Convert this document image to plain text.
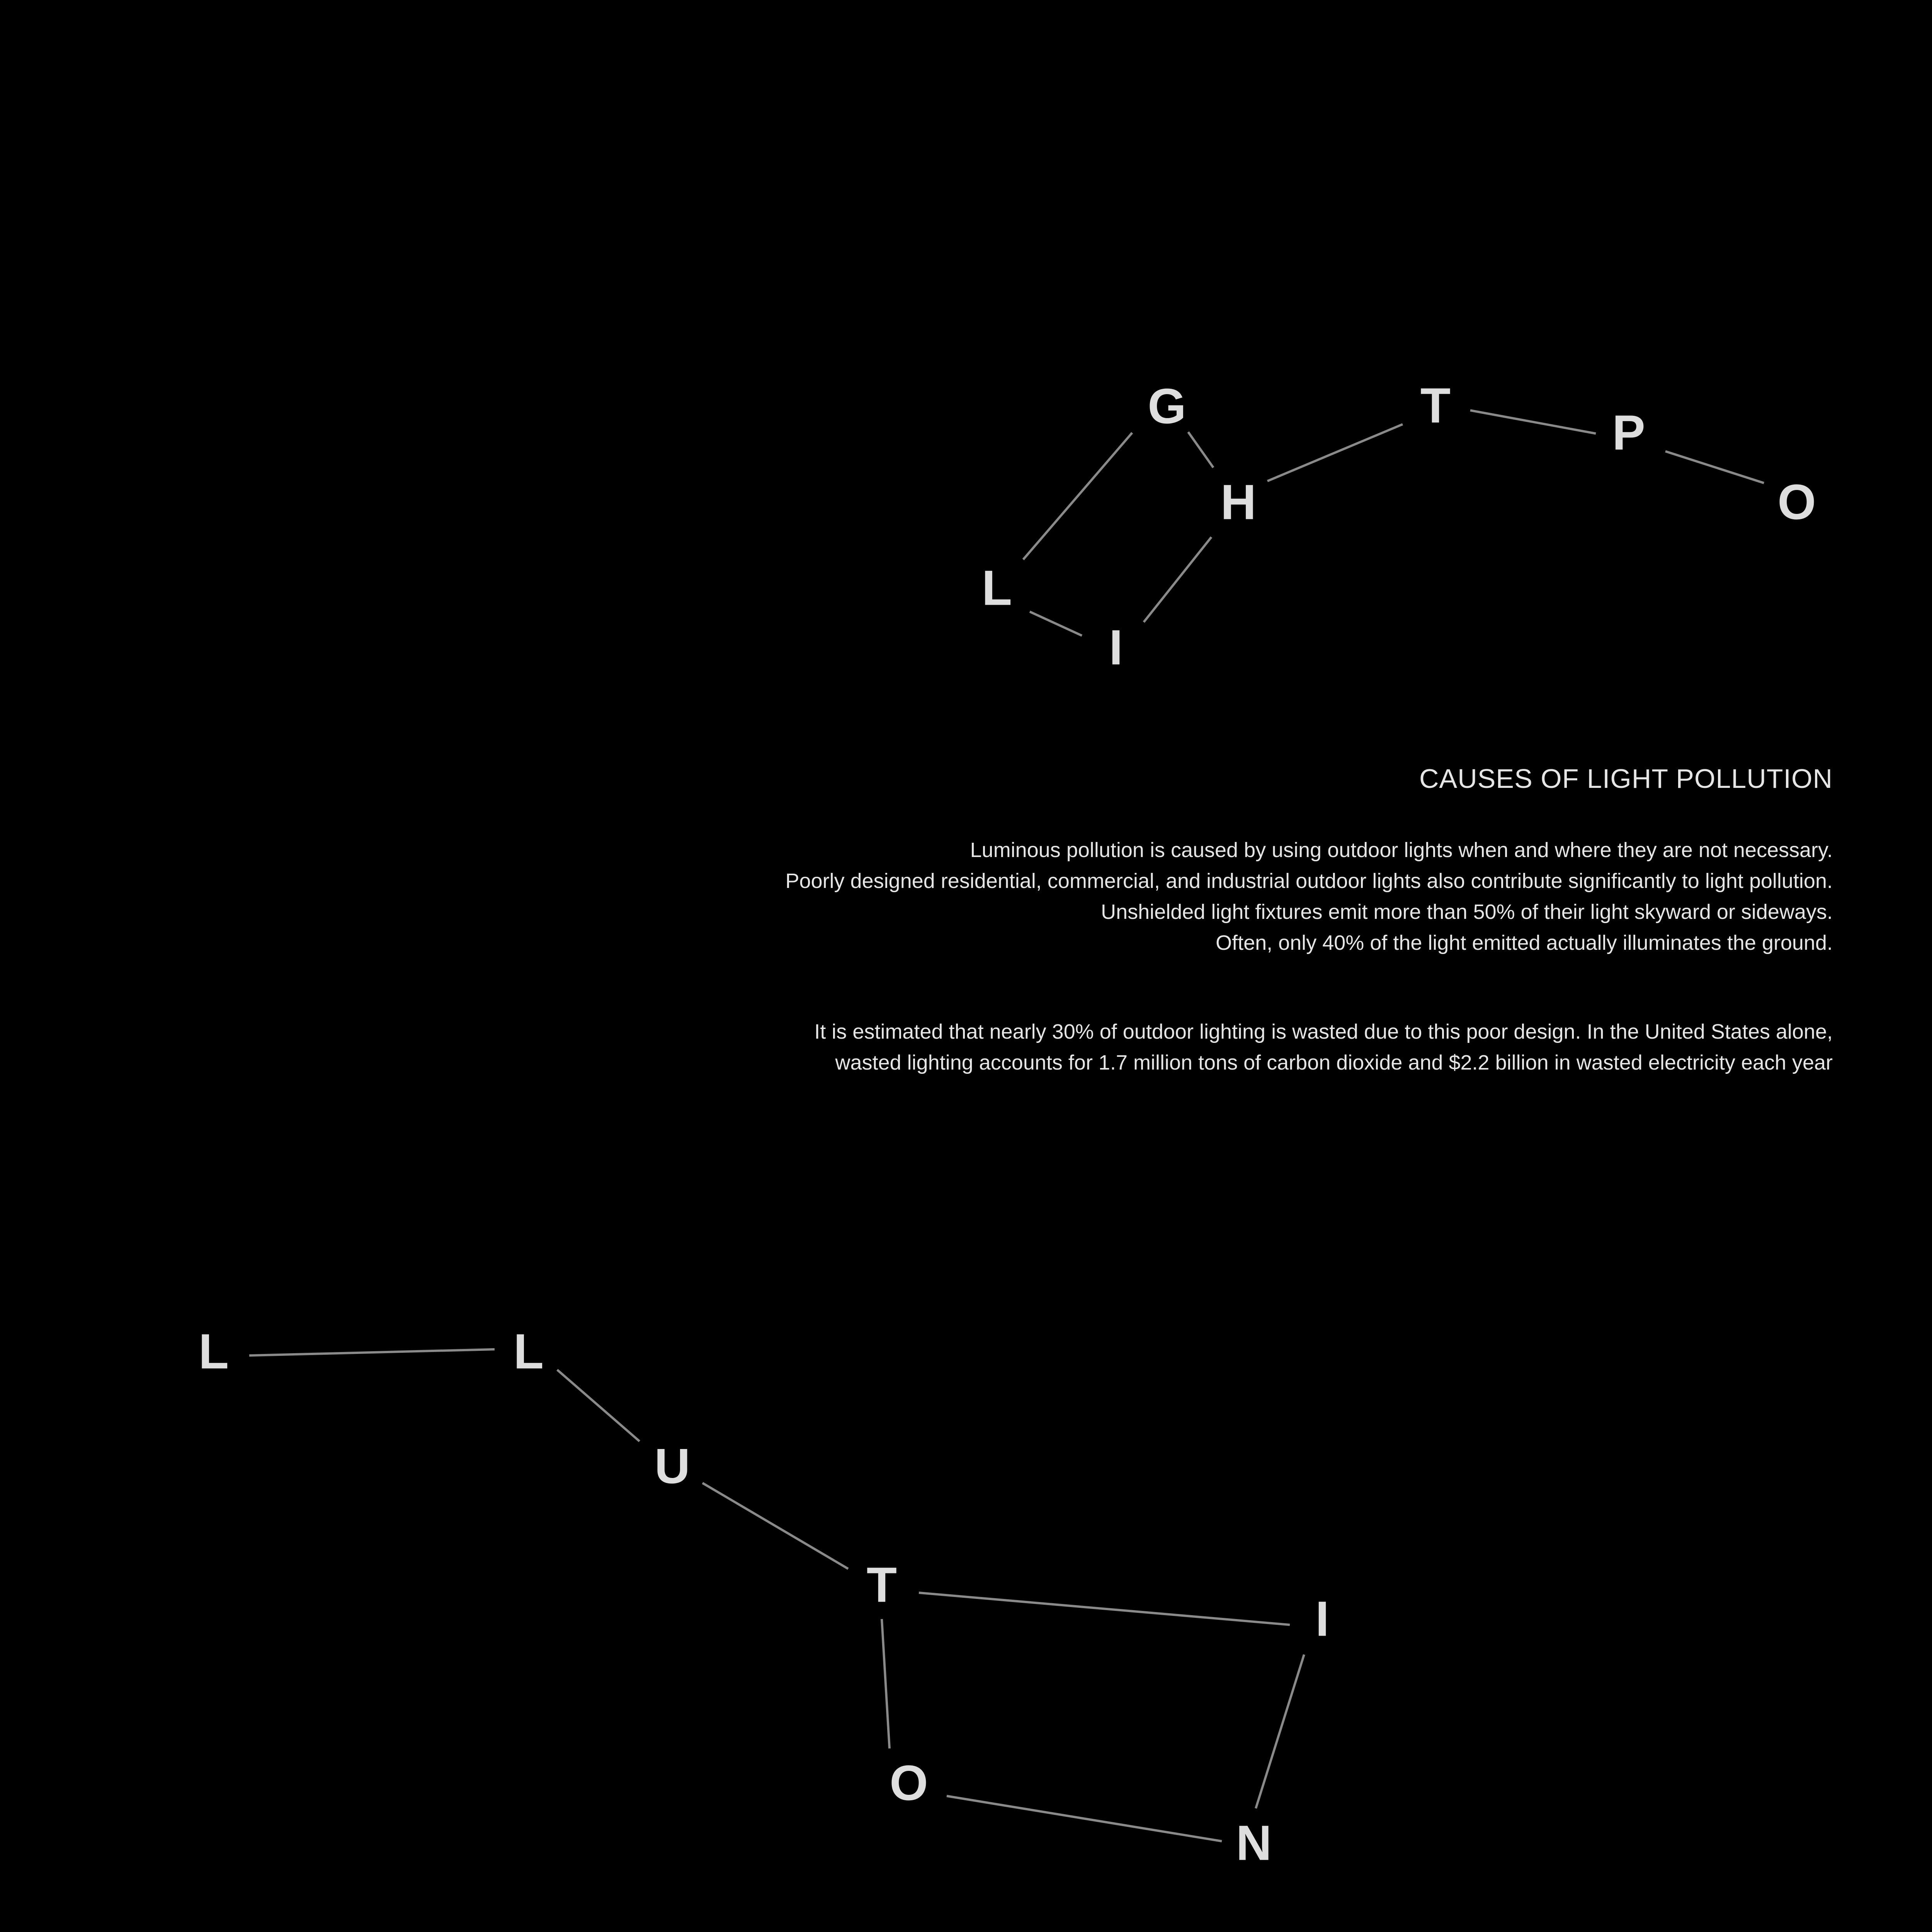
G
H
L
I
T	P
O
L	L
U
T
I
O
N
CAUSES OF LIGHT POLLUTION
Luminous pollution is caused by using outdoor lights when and where they are not necessary.
Poorly designed residential, commercial, and industrial outdoor lights also contribute significantly to light pollution.
Unshielded light fixtures emit more than 50% of their light skyward or sideways.
Often, only 40% of the light emitted actually illuminates the ground.
It is estimated that nearly 30% of outdoor lighting is wasted due to this poor design. In the United States alone,
wasted lighting accounts for 1.7 million tons of carbon dioxide and $2.2 billion in wasted electricity each year
